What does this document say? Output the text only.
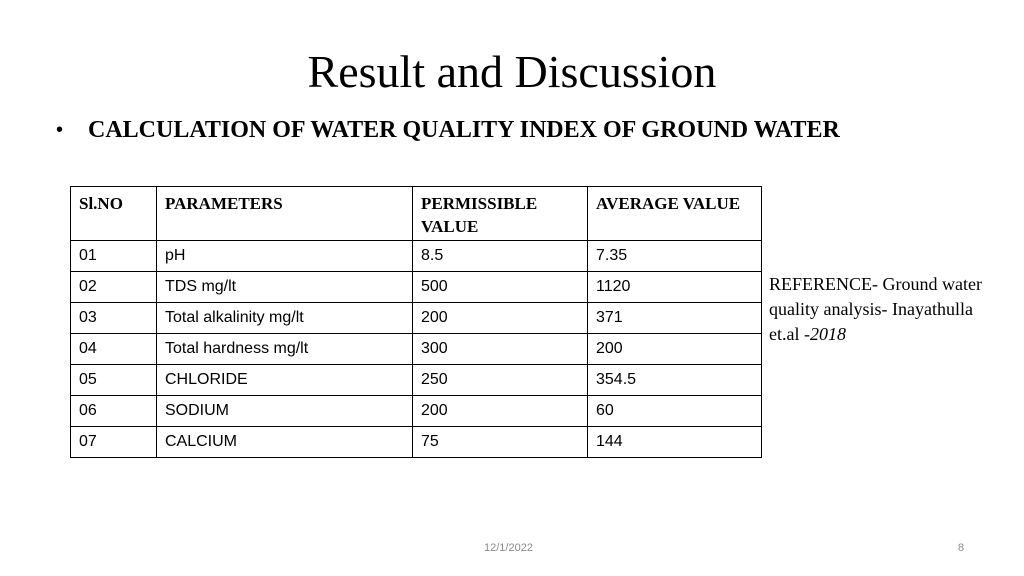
Result and Discussion
• CALCULATION OF WATER QUALITY INDEX OF GROUND WATER
Sl.NO	PARAMETERS	PERMISSIBLE VALUE	AVERAGE VALUE
01	pH	8.5	7.35
02	TDS mg/lt	500	1120
03	Total alkalinity mg/lt	200	371
04	Total hardness mg/lt	300	200
05	CHLORIDE	250	354.5
06	SODIUM	200	60
07	CALCIUM	75	144
REFERENCE- Ground water quality analysis- Inayathulla et.al -2018
12/1/2022	8
